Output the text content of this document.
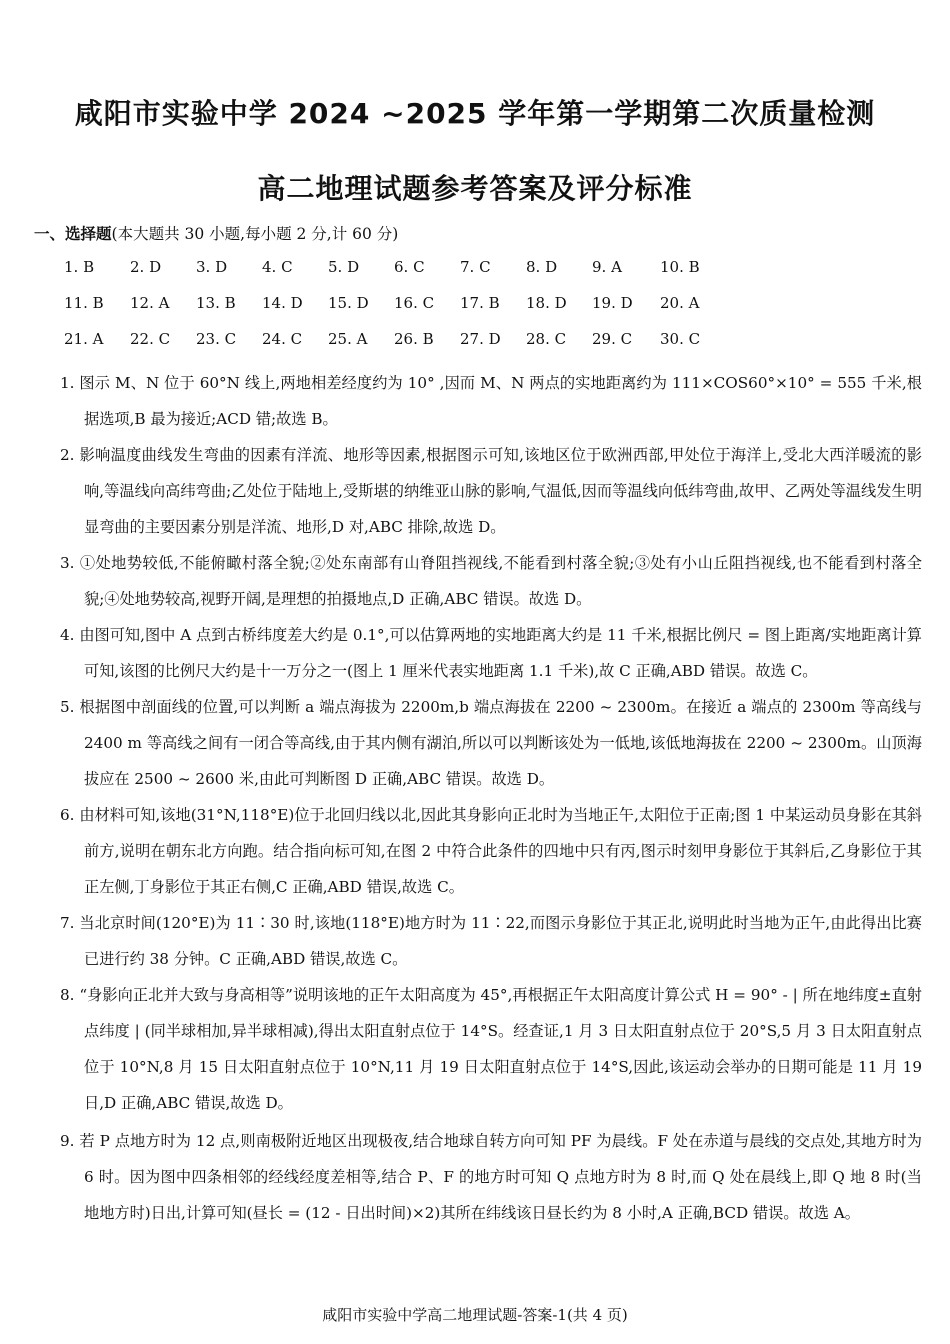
咸阳市实验中学 2024 ~2025 学年第一学期第二次质量检测
高二地理试题参考答案及评分标准
一、选择题(本大题共 30 小题,每小题 2 分,计 60 分)
1. B 2. D 3. D 4. C 5. D 6. C 7. C 8. D 9. A	10. B
11. B 12. A 13. B 14. D 15. D 16. C 17. B 18. D 19. D 20. A
21. A 22. C 23. C 24. C 25. A 26. B 27. D 28. C 29. C 30. C
1. 图示 M、N 位于 60°N 线上,两地相差经度约为 10° ,因而 M、N 两点的实地距离约为 111×COS60°×10° = 555 千米,根据选项,B 最为接近;ACD 错;故选 B。
2. 影响温度曲线发生弯曲的因素有洋流、地形等因素,根据图示可知,该地区位于欧洲西部,甲处位于海洋上,受北大西洋暖流的影响,等温线向高纬弯曲;乙处位于陆地上,受斯堪的纳维亚山脉的影响,气温低,因而等温线向低纬弯曲,故甲、乙两处等温线发生明显弯曲的主要因素分别是洋流、地形,D 对,ABC 排除,故选 D。
3. ①处地势较低,不能俯瞰村落全貌;②处东南部有山脊阻挡视线,不能看到村落全貌;③处有小山丘阻挡视线,也不能看到村落全貌;④处地势较高,视野开阔,是理想的拍摄地点,D 正确,ABC 错误。故选 D。
4. 由图可知,图中 A 点到古桥纬度差大约是 0.1°,可以估算两地的实地距离大约是 11 千米,根据比例尺 = 图上距离/实地距离计算可知,该图的比例尺大约是十一万分之一(图上 1 厘米代表实地距离 1.1 千米),故 C 正确,ABD 错误。故选 C。
5. 根据图中剖面线的位置,可以判断 a 端点海拔为 2200m,b 端点海拔在 2200 ~ 2300m。在接近 a 端点的 2300m 等高线与 2400 m 等高线之间有一闭合等高线,由于其内侧有湖泊,所以可以判断该处为一低地,该低地海拔在 2200 ~ 2300m。山顶海拔应在 2500 ~ 2600 米,由此可判断图 D 正确,ABC 错误。故选 D。
6. 由材料可知,该地(31°N,118°E)位于北回归线以北,因此其身影向正北时为当地正午,太阳位于正南;图 1 中某运动员身影在其斜前方,说明在朝东北方向跑。结合指向标可知,在图 2 中符合此条件的四地中只有丙,图示时刻甲身影位于其斜后,乙身影位于其正左侧,丁身影位于其正右侧,C 正确,ABD 错误,故选 C。
7. 当北京时间(120°E)为 11∶30 时,该地(118°E)地方时为 11∶22,而图示身影位于其正北,说明此时当地为正午,由此得出比赛已进行约 38 分钟。C 正确,ABD 错误,故选 C。
8. “身影向正北并大致与身高相等”说明该地的正午太阳高度为 45°,再根据正午太阳高度计算公式 H = 90° - | 所在地纬度±直射点纬度 | (同半球相加,异半球相减),得出太阳直射点位于 14°S。经查证,1 月 3 日太阳直射点位于 20°S,5 月 3 日太阳直射点位于 10°N,8 月 15 日太阳直射点位于 10°N,11 月 19 日太阳直射点位于 14°S,因此,该运动会举办的日期可能是 11 月 19 日,D 正确,ABC 错误,故选 D。
9. 若 P 点地方时为 12 点,则南极附近地区出现极夜,结合地球自转方向可知 PF 为晨线。F 处在赤道与晨线的交点处,其地方时为 6 时。因为图中四条相邻的经线经度差相等,结合 P、F 的地方时可知 Q 点地方时为 8 时,而 Q 处在晨线上,即 Q 地 8 时(当地地方时)日出,计算可知(昼长 = (12 - 日出时间)×2)其所在纬线该日昼长约为 8 小时,A 正确,BCD 错误。故选 A。
咸阳市实验中学高二地理试题-答案-1(共 4 页)
